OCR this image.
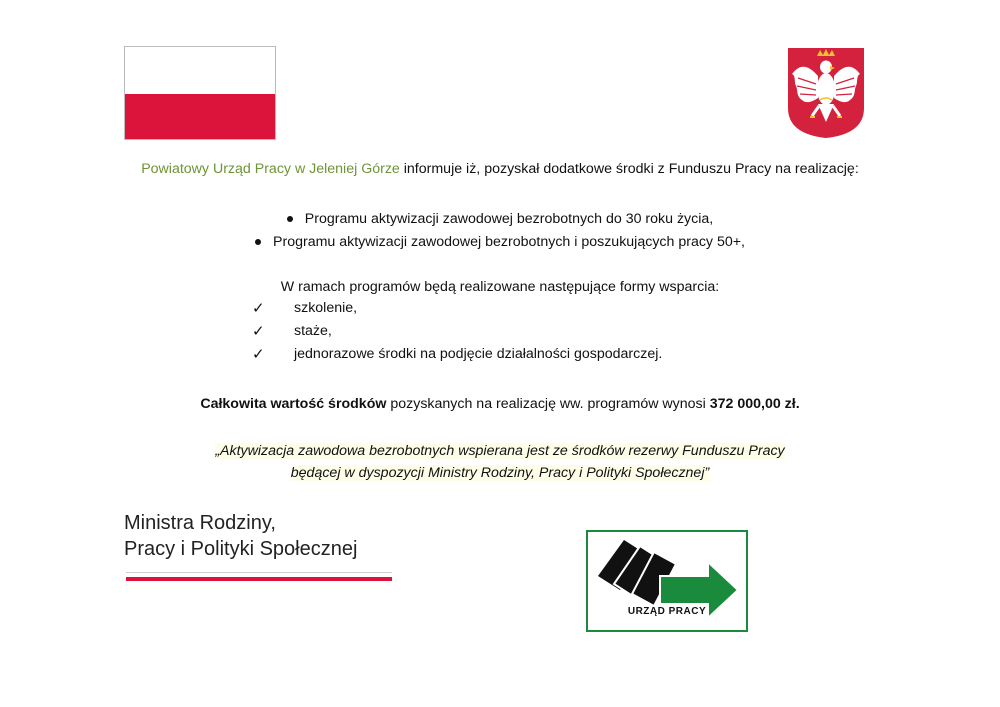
Powiatowy Urząd Pracy w Jeleniej Górze informuje iż, pozyskał dodatkowe środki z Funduszu Pracy na realizację:
Programu aktywizacji zawodowej bezrobotnych do 30 roku życia,
Programu aktywizacji zawodowej bezrobotnych i poszukujących pracy 50+,
W ramach programów będą realizowane następujące formy wsparcia:
✓	szkolenie,
✓	staże,
✓	jednorazowe środki na podjęcie działalności gospodarczej.
Całkowita wartość środków pozyskanych na realizację ww. programów wynosi 372 000,00 zł.
„Aktywizacja zawodowa bezrobotnych wspierana jest ze środków rezerwy Funduszu Pracy
będącej w dyspozycji Ministry Rodziny, Pracy i Polityki Społecznej”
Ministra Rodziny,
Pracy i Polityki Społecznej
URZĄD PRACY
